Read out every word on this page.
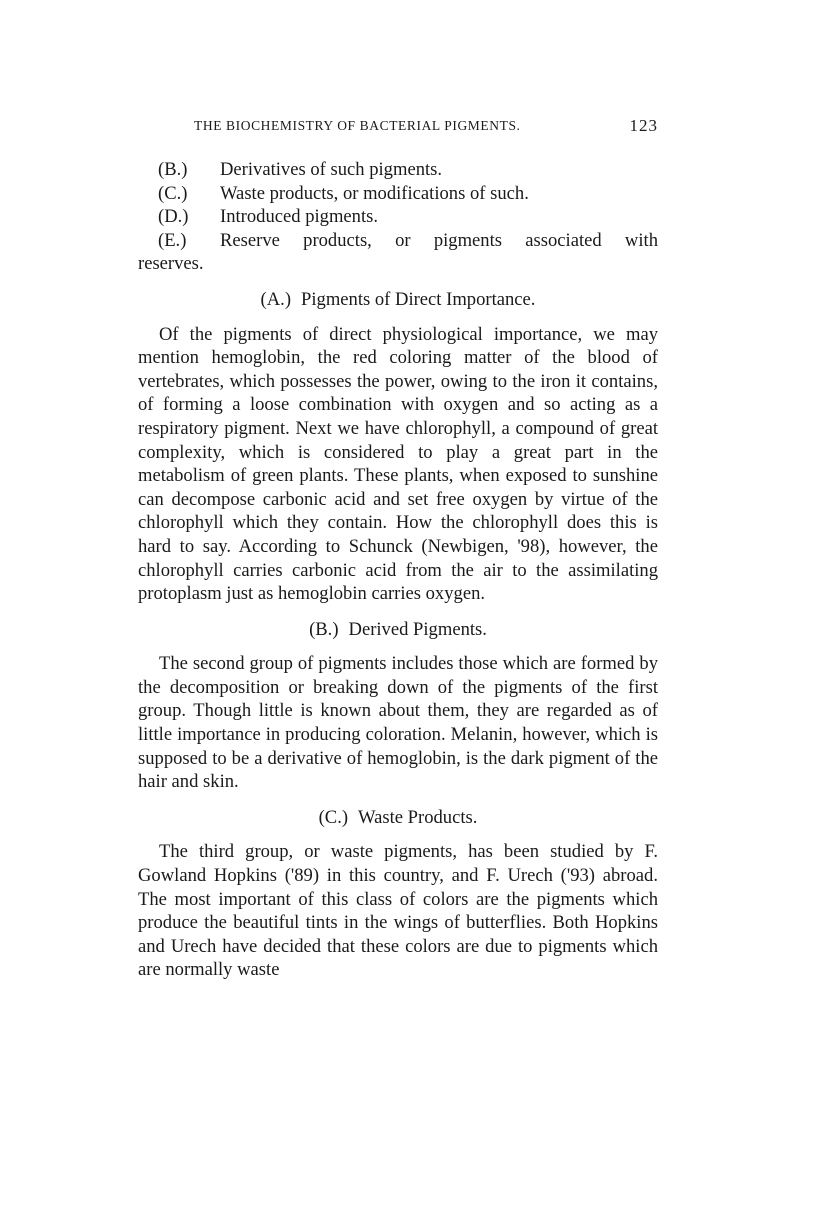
THE BIOCHEMISTRY OF BACTERIAL PIGMENTS.	123
(B.) Derivatives of such pigments.
(C.) Waste products, or modifications of such.
(D.) Introduced pigments.
(E.) Reserve products, or pigments associated with
reserves.
(A.) Pigments of Direct Importance.

Of the pigments of direct physiological importance, we may mention hemoglobin, the red coloring matter of the blood of vertebrates, which possesses the power, owing to the iron it contains, of forming a loose combination with oxygen and so acting as a respiratory pigment. Next we have chlorophyll, a compound of great complexity, which is considered to play a great part in the metabolism of green plants. These plants, when exposed to sunshine can decompose carbonic acid and set free oxygen by virtue of the chlorophyll which they contain. How the chlorophyll does this is hard to say. According to Schunck (Newbigen, '98), however, the chlorophyll carries carbonic acid from the air to the assimilating protoplasm just as hemoglobin carries oxygen.

(B.) Derived Pigments.

The second group of pigments includes those which are formed by the decomposition or breaking down of the pigments of the first group. Though little is known about them, they are regarded as of little importance in producing coloration. Melanin, however, which is supposed to be a derivative of hemoglobin, is the dark pigment of the hair and skin.

(C.) Waste Products.

The third group, or waste pigments, has been studied by F. Gowland Hopkins ('89) in this country, and F. Urech ('93) abroad. The most important of this class of colors are the pigments which produce the beautiful tints in the wings of butterflies. Both Hopkins and Urech have decided that these colors are due to pigments which are normally waste
